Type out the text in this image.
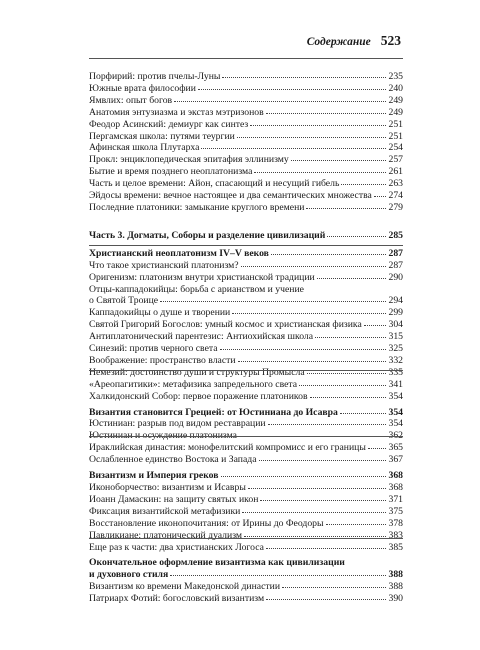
Содержание 523
Порфирий: против пчелы-Луны	235
Южные врата философии	240
Ямвлих: опыт богов	249
Анатомия энтузиазма и экстаз мэтризонов	249
Феодор Асинский: демиург как синтез	251
Пергамская школа: путями теургии	251
Афинская школа Плутарха	254
Прокл: энциклопедическая эпитафия эллинизму	257
Бытие и время позднего неоплатонизма	261
Часть и целое времени: Айон, спасающий и несущий гибель	263
Эйдосы времени: вечное настоящее и два семантических множества 274
Последние платоники: замыкание круглого времени	279
Часть 3. Догматы, Соборы и разделение цивилизаций	285
Христианский неоплатонизм IV–V веков	287
Что такое христианский платонизм?	287
Оригенизм: платонизм внутри христианской традиции	290
Отцы-каппадокийцы: борьба с арианством и учение
о Святой Троице	294
Каппадокийцы о душе и творении	299
Святой Григорий Богослов: умный космос и христианская физика	304
Антиплатонический парентезис: Антиохийская школа	315
Синезий: против черного света	325
Воображение: пространство власти	332
Немезий: достоинство души и структуры Промысла	335
«Ареопагитики»: метафизика запредельного света	341
Халкидонский Собор: первое поражение платоников	354
Византия становится Грецией: от Юстиниана до Исавра	354
Юстиниан: разрыв под видом реставрации	354
Юстиниан и осуждение платонизма	362
Ираклийская династия: монофелитский компромисс и его границы 365
Ослабленное единство Востока и Запада	367
Византизм и Империя греков	368
Иконоборчество: византизм и Исавры	368
Иоанн Дамаскин: на защиту святых икон	371
Фиксация византийской метафизики	375
Восстановление иконопочитания: от Ирины до Феодоры	378
Павликиане: платонический дуализм	383
Еще раз к части: два христианских Логоса	385
Окончательное оформление византизма как цивилизации
и духовного стиля	388
Византизм ко времени Македонской династии	388
Патриарх Фотий: богословский византизм	390
